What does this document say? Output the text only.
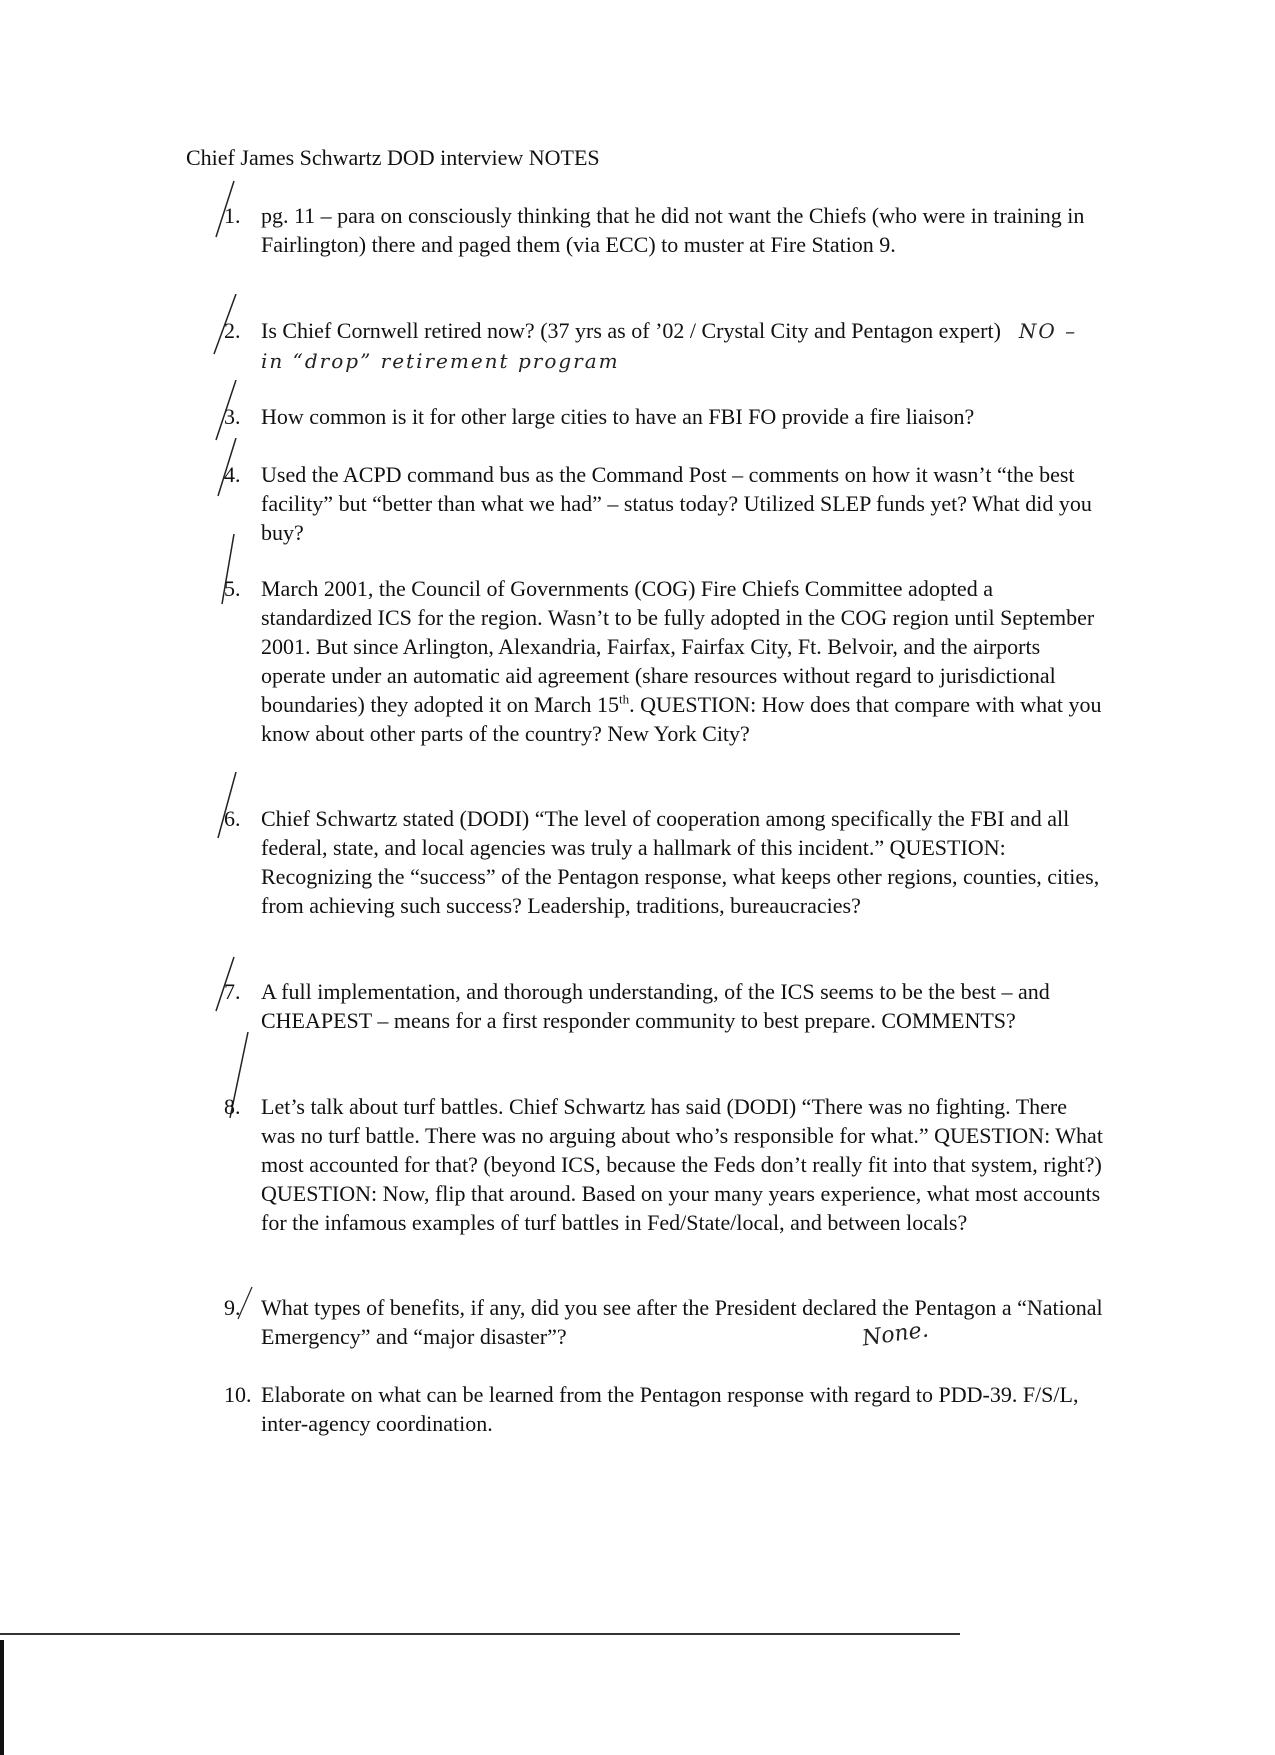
Chief James Schwartz DOD interview NOTES
1. pg. 11 – para on consciously thinking that he did not want the Chiefs (who were in training in Fairlington) there and paged them (via ECC) to muster at Fire Station 9.
2. Is Chief Cornwell retired now? (37 yrs as of ’02 / Crystal City and Pentagon expert) NO – in “drop” retirement program
3. How common is it for other large cities to have an FBI FO provide a fire liaison?
4. Used the ACPD command bus as the Command Post – comments on how it wasn’t “the best facility” but “better than what we had” – status today? Utilized SLEP funds yet? What did you buy?
5. March 2001, the Council of Governments (COG) Fire Chiefs Committee adopted a standardized ICS for the region. Wasn’t to be fully adopted in the COG region until September 2001. But since Arlington, Alexandria, Fairfax, Fairfax City, Ft. Belvoir, and the airports operate under an automatic aid agreement (share resources without regard to jurisdictional boundaries) they adopted it on March 15th. QUESTION: How does that compare with what you know about other parts of the country? New York City?
6. Chief Schwartz stated (DODI) “The level of cooperation among specifically the FBI and all federal, state, and local agencies was truly a hallmark of this incident.” QUESTION: Recognizing the “success” of the Pentagon response, what keeps other regions, counties, cities, from achieving such success? Leadership, traditions, bureaucracies?
7. A full implementation, and thorough understanding, of the ICS seems to be the best – and CHEAPEST – means for a first responder community to best prepare. COMMENTS?
8. Let’s talk about turf battles. Chief Schwartz has said (DODI) “There was no fighting. There was no turf battle. There was no arguing about who’s responsible for what.” QUESTION: What most accounted for that? (beyond ICS, because the Feds don’t really fit into that system, right?) QUESTION: Now, flip that around. Based on your many years experience, what most accounts for the infamous examples of turf battles in Fed/State/local, and between locals?
9. What types of benefits, if any, did you see after the President declared the Pentagon a “National Emergency” and “major disaster”?	None.
10. Elaborate on what can be learned from the Pentagon response with regard to PDD-39. F/S/L, inter-agency coordination.
